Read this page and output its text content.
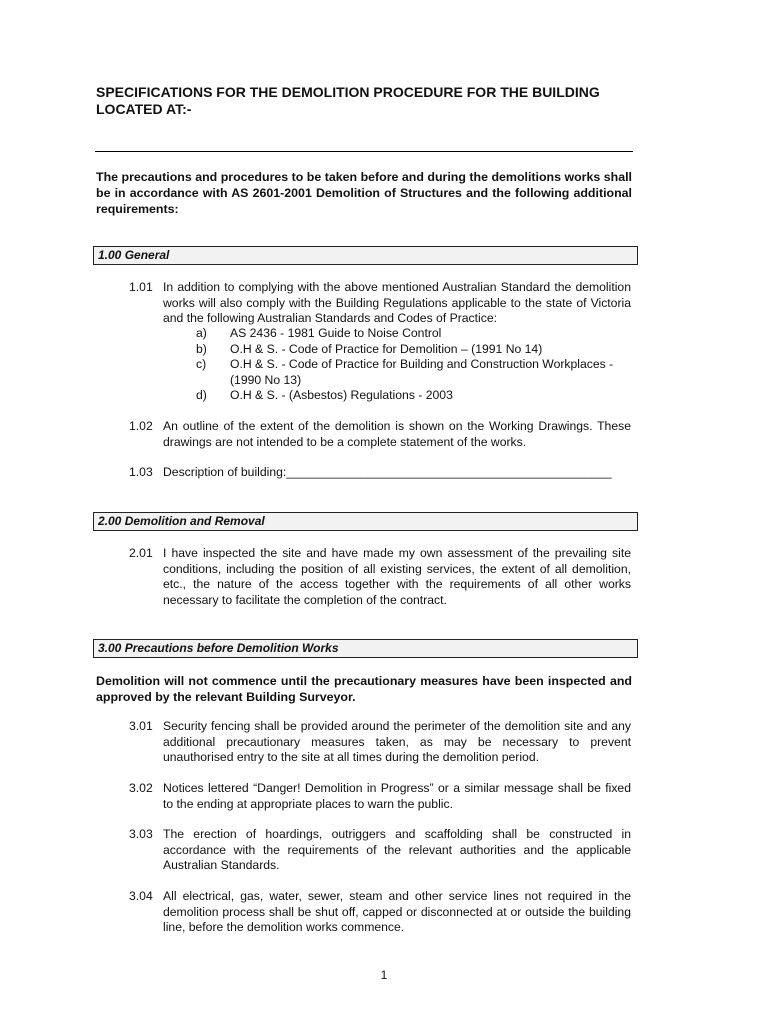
SPECIFICATIONS FOR THE DEMOLITION PROCEDURE FOR THE BUILDING LOCATED AT:-
The precautions and procedures to be taken before and during the demolitions works shall be in accordance with AS 2601-2001 Demolition of Structures and the following additional requirements:
1.00 General
1.01 In addition to complying with the above mentioned Australian Standard the demolition works will also comply with the Building Regulations applicable to the state of Victoria and the following Australian Standards and Codes of Practice:
a) AS 2436 - 1981 Guide to Noise Control
b) O.H & S. - Code of Practice for Demolition – (1991 No 14)
c) O.H & S. - Code of Practice for Building and Construction Workplaces - (1990 No 13)
d) O.H & S. - (Asbestos) Regulations - 2003
1.02 An outline of the extent of the demolition is shown on the Working Drawings. These drawings are not intended to be a complete statement of the works.
1.03 Description of building:________________________________________________
2.00 Demolition and Removal
2.01 I have inspected the site and have made my own assessment of the prevailing site conditions, including the position of all existing services, the extent of all demolition, etc., the nature of the access together with the requirements of all other works necessary to facilitate the completion of the contract.
3.00 Precautions before Demolition Works
Demolition will not commence until the precautionary measures have been inspected and approved by the relevant Building Surveyor.
3.01 Security fencing shall be provided around the perimeter of the demolition site and any additional precautionary measures taken, as may be necessary to prevent unauthorised entry to the site at all times during the demolition period.
3.02 Notices lettered “Danger! Demolition in Progress” or a similar message shall be fixed to the ending at appropriate places to warn the public.
3.03 The erection of hoardings, outriggers and scaffolding shall be constructed in accordance with the requirements of the relevant authorities and the applicable Australian Standards.
3.04 All electrical, gas, water, sewer, steam and other service lines not required in the demolition process shall be shut off, capped or disconnected at or outside the building line, before the demolition works commence.
1
